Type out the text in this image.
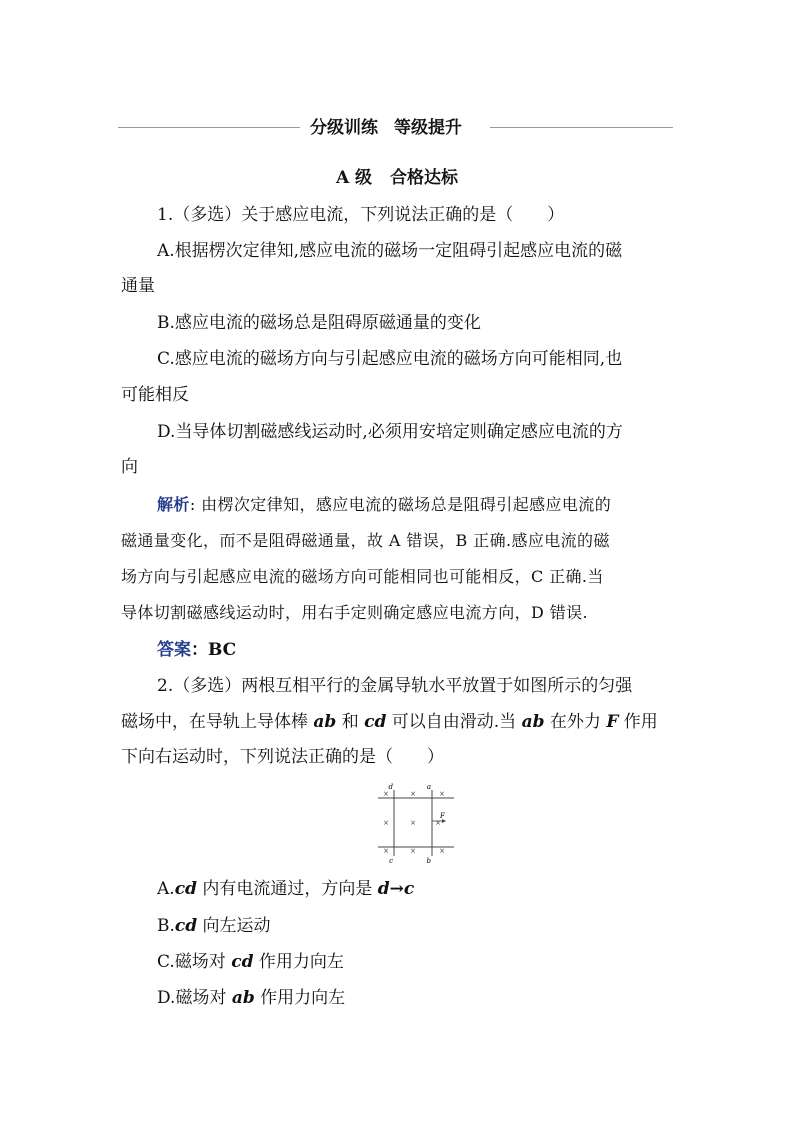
分级训练 等级提升
A 级 合格达标
1.（多选）关于感应电流，下列说法正确的是（　　）
A.根据楞次定律知,感应电流的磁场一定阻碍引起感应电流的磁
通量
B.感应电流的磁场总是阻碍原磁通量的变化
C.感应电流的磁场方向与引起感应电流的磁场方向可能相同,也
可能相反
D.当导体切割磁感线运动时,必须用安培定则确定感应电流的方
向
解析: 由楞次定律知，感应电流的磁场总是阻碍引起感应电流的
磁通量变化，而不是阻碍磁通量，故 A 错误，B 正确.感应电流的磁
场方向与引起感应电流的磁场方向可能相同也可能相反，C 正确.当
导体切割磁感线运动时，用右手定则确定感应电流方向，D 错误.
答案：BC
2.（多选）两根互相平行的金属导轨水平放置于如图所示的匀强
磁场中，在导轨上导体棒 ab 和 cd 可以自由滑动.当 ab 在外力 F 作用
下向右运动时，下列说法正确的是（　　）
d	a
c	b
F
×	×	×
×	×	×
×	×	×
A.cd 内有电流通过，方向是 d→c
B.cd 向左运动
C.磁场对 cd 作用力向左
D.磁场对 ab 作用力向左
